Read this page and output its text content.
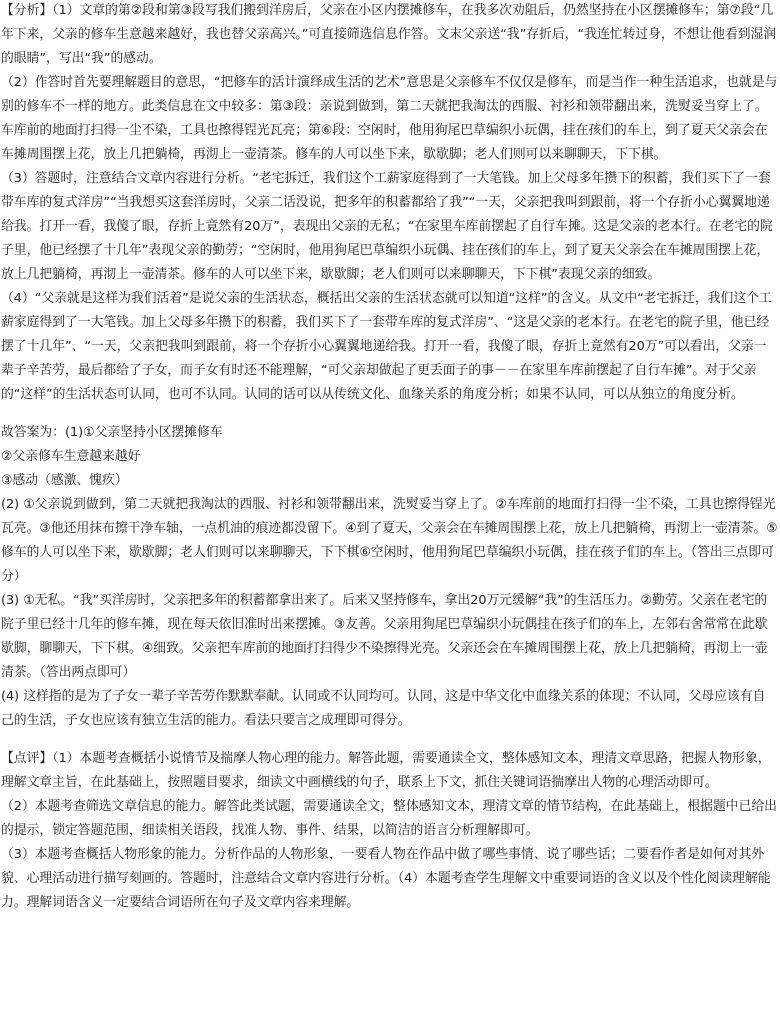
【分析】（1）文章的第②段和第③段写我们搬到洋房后，父亲在小区内摆摊修车，在我多次劝阻后，仍然坚持在小区摆摊修车；第⑦段“几年下来，父亲的修车生意越来越好，我也替父亲高兴。”可直接筛选信息作答。文末父亲送“我”存折后，“我连忙转过身，不想让他看到湿润的眼睛”，写出“我”的感动。

（2）作答时首先要理解题目的意思，“把修车的活计演绎成生活的艺术”意思是父亲修车不仅仅是修车，而是当作一种生活追求，也就是与别的修车不一样的地方。此类信息在文中较多：第③段：亲说到做到，第二天就把我淘汰的西服、衬衫和领带翻出来，洗熨妥当穿上了。车库前的地面打扫得一尘不染，工具也擦得锃光瓦亮；第⑥段：空闲时，他用狗尾巴草编织小玩偶，挂在孩们的车上，到了夏天父亲会在车摊周围摆上花，放上几把躺椅，再沏上一壶清茶。修车的人可以坐下来，歇歇脚；老人们则可以来聊聊天，下下棋。

（3）答题时，注意结合文章内容进行分析。“老宅拆迁，我们这个工薪家庭得到了一大笔钱。加上父母多年攒下的积蓄，我们买下了一套带车库的复式洋房”“当我想买这套洋房时，父亲二话没说，把多年的积蓄都给了我”“一天，父亲把我叫到跟前，将一个存折小心翼翼地递给我。打开一看，我傻了眼，存折上竟然有20万”，表现出父亲的无私；“在家里车库前摆起了自行车摊。这是父亲的老本行。在老宅的院子里，他已经摆了十几年”表现父亲的勤劳；“空闲时，他用狗尾巴草编织小玩偶、挂在孩们的车上，到了夏天父亲会在车摊周围摆上花，放上几把躺椅，再沏上一壶清茶。修车的人可以坐下来，歇歇脚；老人们则可以来聊聊天，下下棋”表现父亲的细致。

（4）“父亲就是这样为我们活着”是说父亲的生活状态，概括出父亲的生活状态就可以知道“这样”的含义。从文中“老宅拆迁，我们这个工薪家庭得到了一大笔钱。加上父母多年攒下的积蓄，我们买下了一套带车库的复式洋房”、“这是父亲的老本行。在老宅的院子里，他已经摆了十几年”、“一天，父亲把我叫到跟前，将一个存折小心翼翼地递给我。打开一看，我傻了眼，存折上竟然有20万”可以看出，父亲一辈子辛苦劳，最后都给了子女，而子女有时还不能理解，“可父亲却做起了更丢面子的事－－在家里车库前摆起了自行车摊”。对于父亲的“这样”的生活状态可认同，也可不认同。认同的话可以从传统文化、血缘关系的角度分析；如果不认同，可以从独立的角度分析。

故答案为：(1)①父亲坚持小区摆摊修车

②父亲修车生意越来越好

③感动（感激、愧疚）

(2) ①父亲说到做到，第二天就把我淘汰的西服、衬衫和领带翻出来，洗熨妥当穿上了。②车库前的地面打扫得一尘不染，工具也擦得锃光瓦亮。③他还用抹布擦干净车轴，一点机油的痕迹都没留下。④到了夏天，父亲会在车摊周围摆上花，放上几把躺椅，再沏上一壶清茶。⑤修车的人可以坐下来，歇歇脚；老人们则可以来聊聊天，下下棋⑥空闲时，他用狗尾巴草编织小玩偶，挂在孩子们的车上。（答出三点即可分）

(3) ①无私。“我”买洋房时，父亲把多年的积蓄都拿出来了。后来又坚持修车，拿出20万元缓解“我”的生活压力。②勤劳。父亲在老宅的院子里已经十几年的修车摊，现在每天依旧准时出来摆摊。③友善。父亲用狗尾巴草编织小玩偶挂在孩子们的车上，左邻右舍常常在此歇歇脚，聊聊天，下下棋。④细致。父亲把车库前的地面打扫得少不染擦得光亮。父亲还会在车摊周围摆上花，放上几把躺椅，再沏上一壶清茶。（答出两点即可）

(4) 这样指的是为了子女一辈子辛苦劳作默默奉献。认同或不认同均可。认同，这是中华文化中血缘关系的体现；不认同，父母应该有自己的生活，子女也应该有独立生活的能力。看法只要言之成理即可得分。

【点评】（1）本题考查概括小说情节及揣摩人物心理的能力。解答此题，需要通读全文，整体感知文本，理清文章思路，把握人物形象，理解文章主旨，在此基础上，按照题目要求，细读文中画横线的句子，联系上下文，抓住关键词语揣摩出人物的心理活动即可。

（2）本题考查筛选文章信息的能力。解答此类试题，需要通读全文，整体感知文本，理清文章的情节结构，在此基础上，根据题中已给出的提示，锁定答题范围，细读相关语段，找准人物、事件、结果，以简洁的语言分析理解即可。

（3）本题考查概括人物形象的能力。分析作品的人物形象，一要看人物在作品中做了哪些事情、说了哪些话；二要看作者是如何对其外貌、心理活动进行描写刻画的。答题时，注意结合文章内容进行分析。（4）本题考查学生理解文中重要词语的含义以及个性化阅读理解能力。理解词语含义一定要结合词语所在句子及文章内容来理解。
